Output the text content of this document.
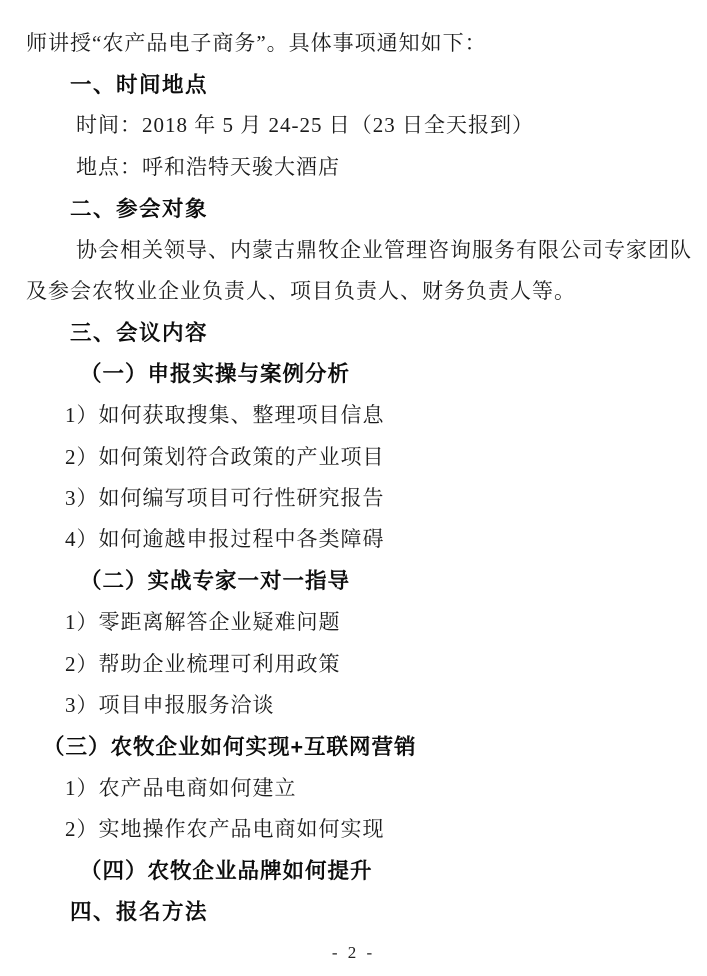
师讲授“农产品电子商务”。具体事项通知如下：
一、时间地点
时间：2018 年 5 月 24-25 日（23 日全天报到）
地点：呼和浩特天骏大酒店
二、参会对象
协会相关领导、内蒙古鼎牧企业管理咨询服务有限公司专家团队
及参会农牧业企业负责人、项目负责人、财务负责人等。
三、会议内容
（一）申报实操与案例分析
1）如何获取搜集、整理项目信息
2）如何策划符合政策的产业项目
3）如何编写项目可行性研究报告
4）如何逾越申报过程中各类障碍
（二）实战专家一对一指导
1）零距离解答企业疑难问题
2）帮助企业梳理可利用政策
3）项目申报服务洽谈
（三）农牧企业如何实现+互联网营销
1）农产品电商如何建立
2）实地操作农产品电商如何实现
（四）农牧企业品牌如何提升
四、报名方法
- 2 -
